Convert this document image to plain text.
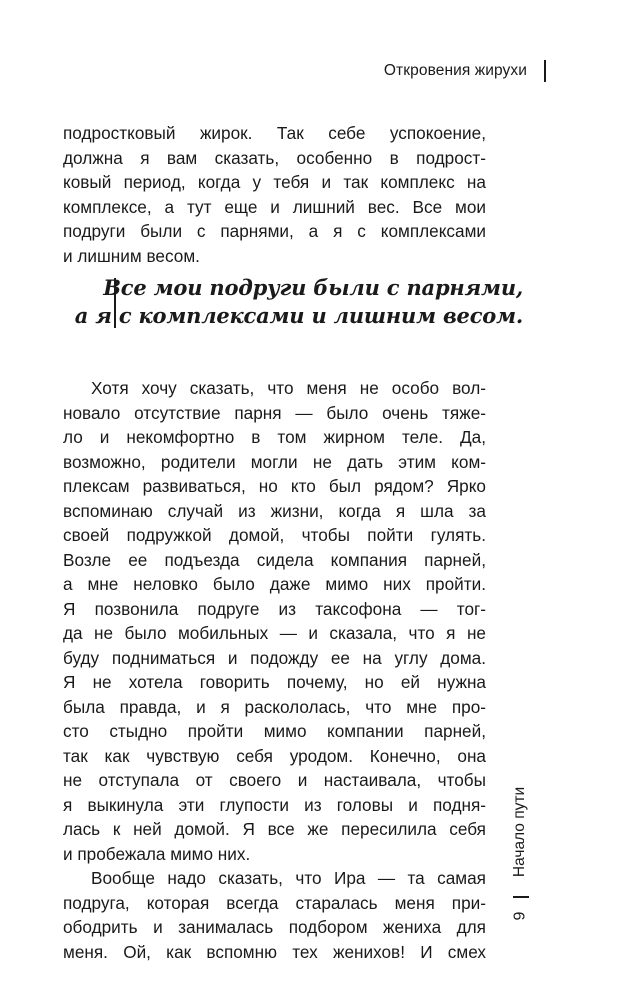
Откровения жирухи
подростковый жирок. Так себе успокоение,
должна я вам сказать, особенно в подрост-
ковый период, когда у тебя и так комплекс на
комплексе, а тут еще и лишний вес. Все мои
подруги были с парнями, а я с комплексами
и лишним весом.
Все мои подруги были с парнями,
а я с комплексами и лишним весом.
Хотя хочу сказать, что меня не особо вол-
новало отсутствие парня — было очень тяже-
ло и некомфортно в том жирном теле. Да,
возможно, родители могли не дать этим ком-
плексам развиваться, но кто был рядом? Ярко
вспоминаю случай из жизни, когда я шла за
своей подружкой домой, чтобы пойти гулять.
Возле ее подъезда сидела компания парней,
а мне неловко было даже мимо них пройти.
Я позвонила подруге из таксофона — тог-
да не было мобильных — и сказала, что я не
буду подниматься и подожду ее на углу дома.
Я не хотела говорить почему, но ей нужна
была правда, и я раскололась, что мне про-
сто стыдно пройти мимо компании парней,
так как чувствую себя уродом. Конечно, она
не отступала от своего и настаивала, чтобы
я выкинула эти глупости из головы и подня-
лась к ней домой. Я все же пересилила себя
и пробежала мимо них.
Вообще надо сказать, что Ира — та самая
подруга, которая всегда старалась меня при-
ободрить и занималась подбором жениха для
меня. Ой, как вспомню тех женихов! И смех
Начало пути
9
